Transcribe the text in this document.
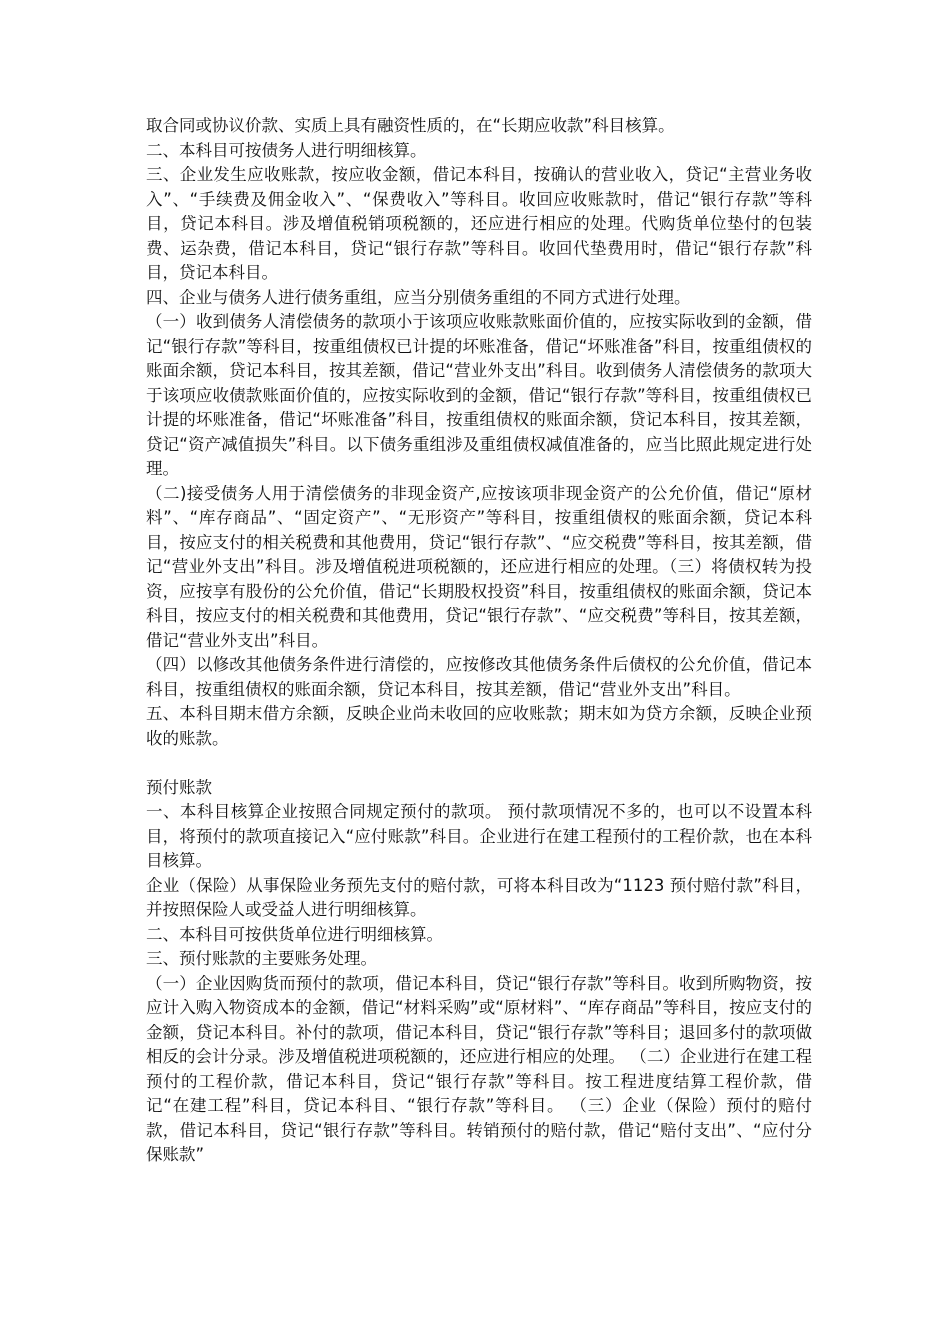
取合同或协议价款、实质上具有融资性质的，在“长期应收款”科目核算。

二、本科目可按债务人进行明细核算。

三、企业发生应收账款，按应收金额，借记本科目，按确认的营业收入，贷记“主营业务收入”、“手续费及佣金收入”、“保费收入”等科目。收回应收账款时，借记“银行存款”等科目，贷记本科目。涉及增值税销项税额的，还应进行相应的处理。代购货单位垫付的包装费、运杂费，借记本科目，贷记“银行存款”等科目。收回代垫费用时，借记“银行存款”科目，贷记本科目。

四、企业与债务人进行债务重组，应当分别债务重组的不同方式进行处理。

（一）收到债务人清偿债务的款项小于该项应收账款账面价值的，应按实际收到的金额，借记“银行存款”等科目，按重组债权已计提的坏账准备，借记“坏账准备”科目，按重组债权的账面余额，贷记本科目，按其差额，借记“营业外支出”科目。收到债务人清偿债务的款项大于该项应收债款账面价值的，应按实际收到的金额，借记“银行存款”等科目，按重组债权已计提的坏账准备，借记“坏账准备”科目，按重组债权的账面余额，贷记本科目，按其差额，贷记“资产减值损失”科目。以下债务重组涉及重组债权减值准备的，应当比照此规定进行处理。

（二)接受债务人用于清偿债务的非现金资产,应按该项非现金资产的公允价值，借记“原材料”、“库存商品”、“固定资产”、“无形资产”等科目，按重组债权的账面余额，贷记本科目，按应支付的相关税费和其他费用，贷记“银行存款”、“应交税费”等科目，按其差额，借记“营业外支出”科目。涉及增值税进项税额的，还应进行相应的处理。（三）将债权转为投资，应按享有股份的公允价值，借记“长期股权投资”科目，按重组债权的账面余额，贷记本科目，按应支付的相关税费和其他费用，贷记“银行存款”、“应交税费”等科目，按其差额，借记“营业外支出”科目。

（四）以修改其他债务条件进行清偿的，应按修改其他债务条件后债权的公允价值，借记本科目，按重组债权的账面余额，贷记本科目，按其差额，借记“营业外支出”科目。

五、本科目期末借方余额，反映企业尚未收回的应收账款；期末如为贷方余额，反映企业预收的账款。

预付账款

一、本科目核算企业按照合同规定预付的款项。 预付款项情况不多的，也可以不设置本科目，将预付的款项直接记入“应付账款”科目。企业进行在建工程预付的工程价款，也在本科目核算。

企业（保险）从事保险业务预先支付的赔付款，可将本科目改为“1123 预付赔付款”科目，并按照保险人或受益人进行明细核算。

二、本科目可按供货单位进行明细核算。

三、预付账款的主要账务处理。

（一）企业因购货而预付的款项，借记本科目，贷记“银行存款”等科目。收到所购物资，按应计入购入物资成本的金额，借记“材料采购”或“原材料”、“库存商品”等科目，按应支付的金额，贷记本科目。补付的款项，借记本科目，贷记“银行存款”等科目；退回多付的款项做相反的会计分录。涉及增值税进项税额的，还应进行相应的处理。 （二）企业进行在建工程预付的工程价款，借记本科目，贷记“银行存款”等科目。按工程进度结算工程价款，借记“在建工程”科目，贷记本科目、“银行存款”等科目。 （三）企业（保险）预付的赔付款，借记本科目，贷记“银行存款”等科目。转销预付的赔付款，借记“赔付支出”、“应付分保账款”
